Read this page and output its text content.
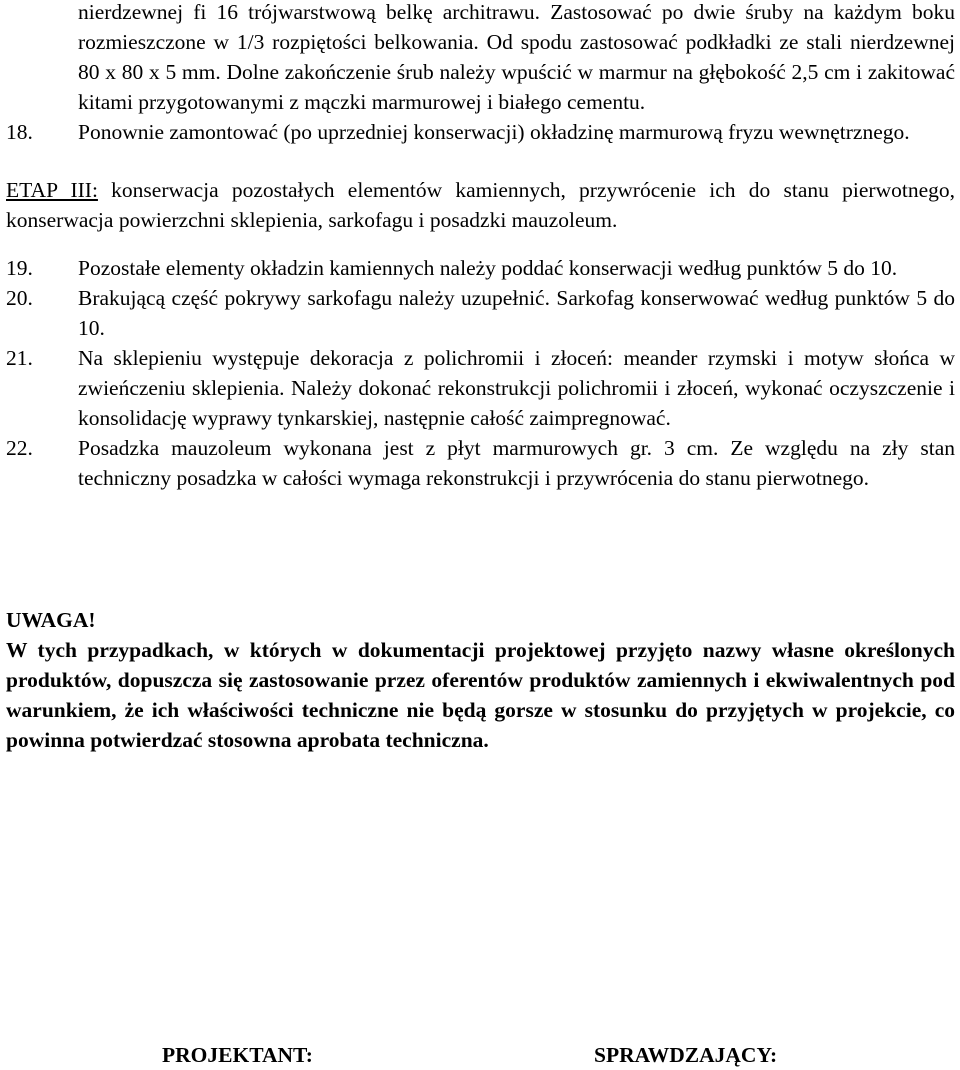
nierdzewnej fi 16 trójwarstwową belkę architrawu. Zastosować po dwie śruby na każdym boku rozmieszczone w 1/3 rozpiętości belkowania. Od spodu zastosować podkładki ze stali nierdzewnej 80 x 80 x 5 mm. Dolne zakończenie śrub należy wpuścić w marmur na głębokość 2,5 cm i zakitować kitami przygotowanymi z mączki marmurowej i białego cementu.
18.	Ponownie zamontować (po uprzedniej konserwacji) okładzinę marmurową fryzu wewnętrznego.
ETAP III: konserwacja pozostałych elementów kamiennych, przywrócenie ich do stanu pierwotnego, konserwacja powierzchni sklepienia, sarkofagu i posadzki mauzoleum.
19.	Pozostałe elementy okładzin kamiennych należy poddać konserwacji według punktów 5 do 10.
20.	Brakującą część pokrywy sarkofagu należy uzupełnić. Sarkofag konserwować według punktów 5 do 10.
21.	Na sklepieniu występuje dekoracja z polichromii i złoceń: meander rzymski i motyw słońca w zwieńczeniu sklepienia. Należy dokonać rekonstrukcji polichromii i złoceń, wykonać oczyszczenie i konsolidację wyprawy tynkarskiej, następnie całość zaimpregnować.
22.	Posadzka mauzoleum wykonana jest z płyt marmurowych gr. 3 cm. Ze względu na zły stan techniczny posadzka w całości wymaga rekonstrukcji i przywrócenia do stanu pierwotnego.
UWAGA!
W tych przypadkach, w których w dokumentacji projektowej przyjęto nazwy własne określonych produktów, dopuszcza się zastosowanie przez oferentów produktów zamiennych i ekwiwalentnych pod warunkiem, że ich właściwości techniczne nie będą gorsze w stosunku do przyjętych w projekcie, co powinna potwierdzać stosowna aprobata techniczna.
PROJEKTANT:	SPRAWDZAJĄCY:
